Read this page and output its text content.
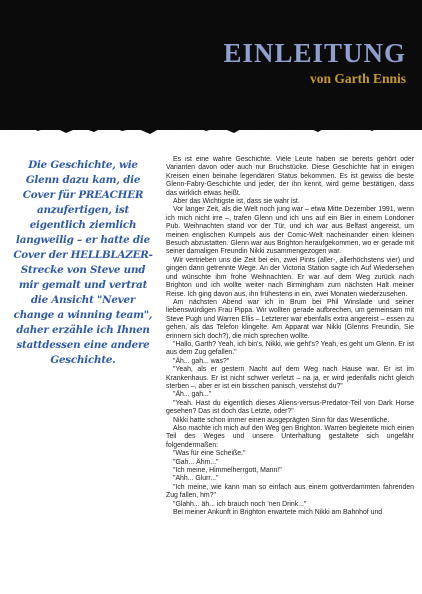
EINLEITUNG
von Garth Ennis

Die Geschichte, wie Glenn dazu kam, die Cover für PREACHER anzufertigen, ist eigentlich ziemlich langweilig – er hatte die Cover der HELLBLAZER-Strecke von Steve und mir gemalt und vertrat die Ansicht "Never change a winning team", daher erzähle ich Ihnen stattdessen eine andere Geschichte.

Es ist eine wahre Geschichte. Viele Leute haben sie bereits gehört oder Varianten davon oder auch nur Bruchstücke. Diese Geschichte hat in einigen Kreisen einen beinahe legendären Status bekommen. Es ist gewiss die beste Glenn-Fabry-Geschichte und jeder, der ihn kennt, wird gerne bestätigen, dass das wirklich etwas heißt.

Aber das Wichtigste ist, dass sie wahr ist.

Vor langer Zeit, als die Welt noch jung war – etwa Mitte Dezember 1991, wenn ich mich nicht irre –, trafen Glenn und ich uns auf ein Bier in einem Londoner Pub. Weihnachten stand vor der Tür, und ich war aus Belfast angereist, um meinen englischen Kumpels aus der Comic-Welt nacheinander einen kleinen Besuch abzustatten. Glenn war aus Brighton heraufgekommen, wo er gerade mit seiner damaligen Freundin Nikki zusammengezogen war.

Wir vertrieben uns die Zeit bei ein, zwei Pints (aller-, allerhöchstens vier) und gingen dann getrennte Wege. An der Victoria Station sagte ich Auf Wiedersehen und wünschte ihm frohe Weihnachten. Er war auf dem Weg zurück nach Brighton und ich wollte weiter nach Birmingham zum nächsten Halt meiner Reise. Ich ging davon aus, ihn frühestens in ein, zwei Monaten wiederzusehen.

Am nächsten Abend war ich in Brum bei Phil Winslade und seiner liebenswürdigen Frau Pippa. Wir wollten gerade aufbrechen, um gemeinsam mit Steve Pugh und Warren Ellis – Letzterer war ebenfalls extra angereist – essen zu gehen, als das Telefon klingelte. Am Apparat war Nikki (Glenns Freundin, Sie erinnern sich doch?), die mich sprechen wollte.

"Hallo, Garth? Yeah, ich bin's, Nikki, wie geht's? Yeah, es geht um Glenn. Er ist aus dem Zug gefallen."

"Äh... gah... was?"

"Yeah, als er gestern Nacht auf dem Weg nach Hause war. Er ist im Krankenhaus. Er ist nicht schwer verletzt – na ja, er wird jedenfalls nicht gleich sterben –, aber er ist ein bisschen panisch, verstehst du?"

"Äh... gah..."

"Yeah. Hast du eigentlich dieses Aliens-versus-Predator-Teil von Dark Horse gesehen? Das ist doch das Letzte, oder?"

Nikki hatte schon immer einen ausgeprägten Sinn für das Wesentliche.

Also machte ich mich auf den Weg gen Brighton. Warren begleitete mich einen Teil des Weges und unsere Unterhaltung gestaltete sich ungefähr folgendermaßen:

"Was für eine Scheiße."

"Gah... Ähm..."

"Ich meine, Himmelherrgott, Mann!"

"Ahh... Glurr..."

"Ich meine, wie kann man so einfach aus einem gottverdammten fahrenden Zug fallen, hm?"

"Glahh... äh... ich brauch noch 'nen Drink..."

Bei meiner Ankunft in Brighton erwartete mich Nikki am Bahnhof und
